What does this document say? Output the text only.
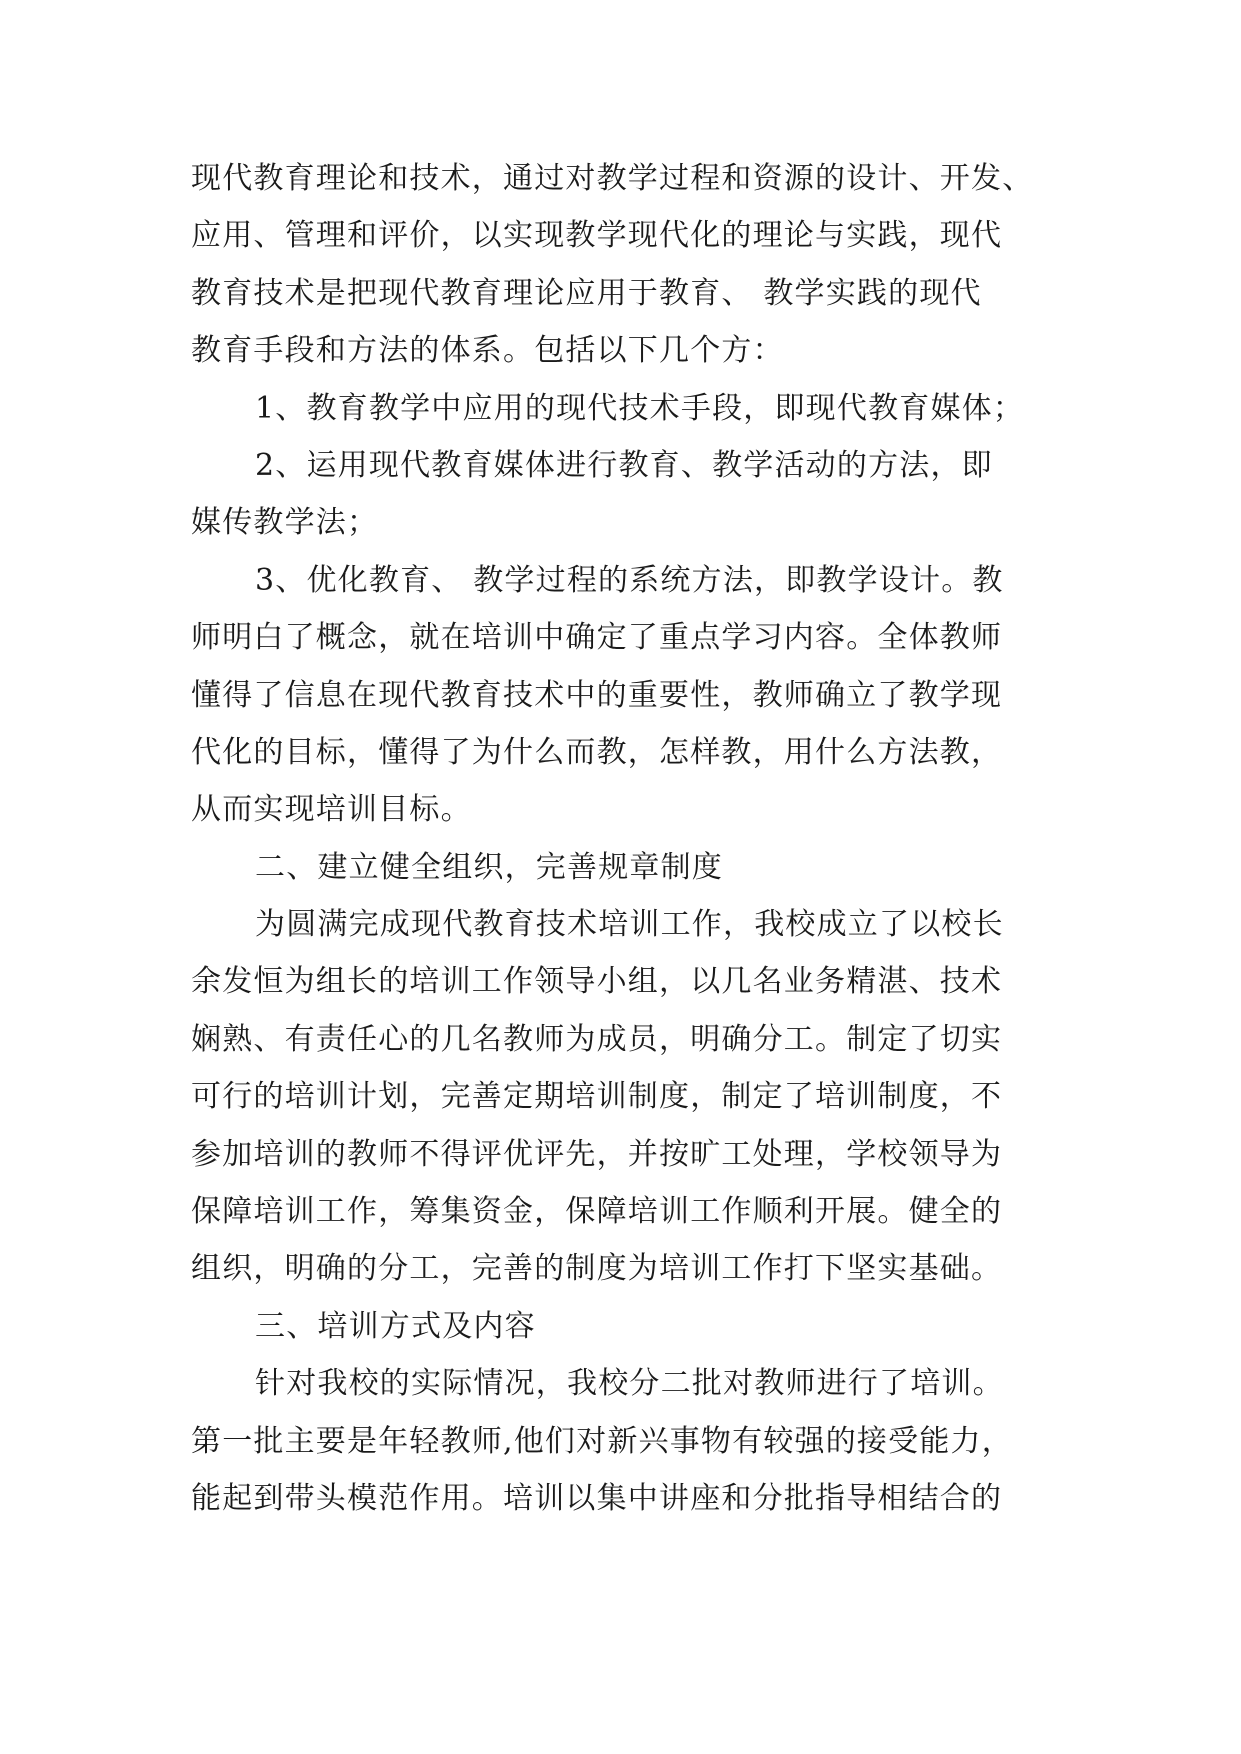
现代教育理论和技术，通过对教学过程和资源的设计、开发、
应用、管理和评价，以实现教学现代化的理论与实践，现代
教育技术是把现代教育理论应用于教育、 教学实践的现代
教育手段和方法的体系。包括以下几个方：
1、教育教学中应用的现代技术手段，即现代教育媒体；
2、运用现代教育媒体进行教育、教学活动的方法，即
媒传教学法；
3、优化教育、 教学过程的系统方法，即教学设计。教
师明白了概念，就在培训中确定了重点学习内容。全体教师
懂得了信息在现代教育技术中的重要性，教师确立了教学现
代化的目标，懂得了为什么而教，怎样教，用什么方法教，
从而实现培训目标。
二、建立健全组织，完善规章制度
为圆满完成现代教育技术培训工作，我校成立了以校长
余发恒为组长的培训工作领导小组，以几名业务精湛、技术
娴熟、有责任心的几名教师为成员，明确分工。制定了切实
可行的培训计划，完善定期培训制度，制定了培训制度，不
参加培训的教师不得评优评先，并按旷工处理，学校领导为
保障培训工作，筹集资金，保障培训工作顺利开展。健全的
组织，明确的分工，完善的制度为培训工作打下坚实基础。
三、培训方式及内容
针对我校的实际情况，我校分二批对教师进行了培训。
第一批主要是年轻教师,他们对新兴事物有较强的接受能力，
能起到带头模范作用。培训以集中讲座和分批指导相结合的
